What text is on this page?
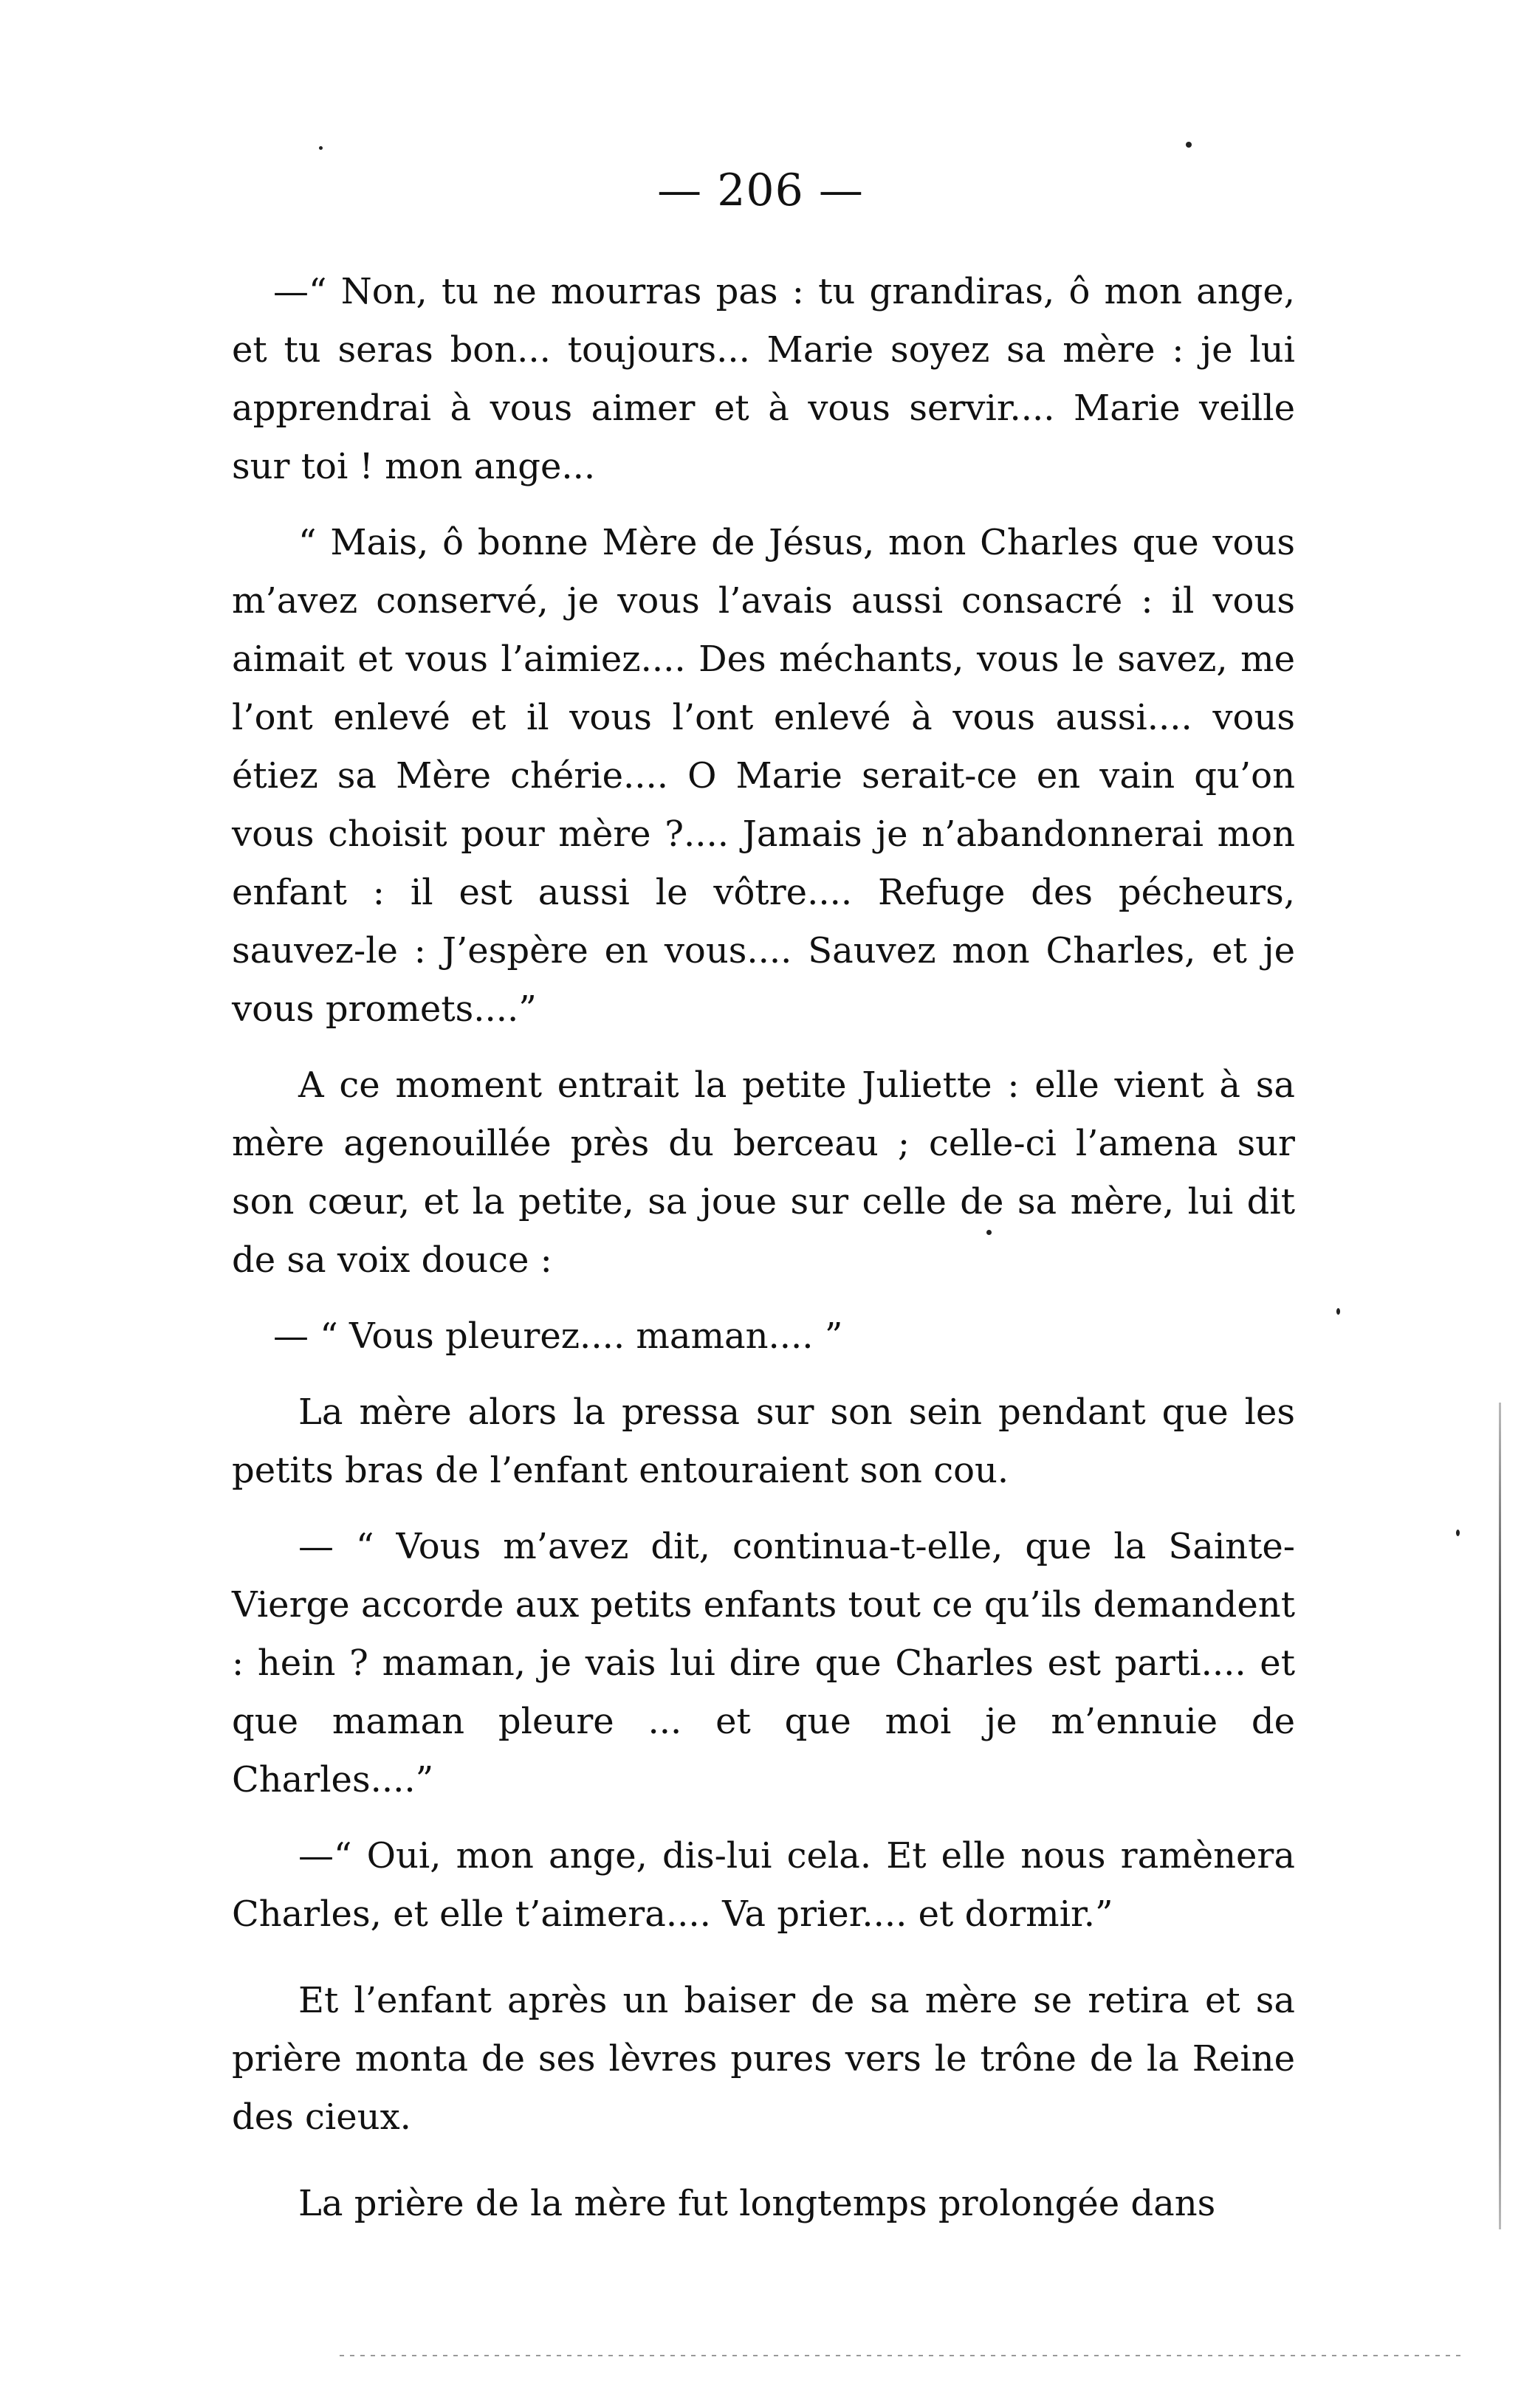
— 206 —

—“ Non, tu ne mourras pas : tu grandiras, ô mon ange, et tu seras bon... toujours... Marie soyez sa mère : je lui apprendrai à vous aimer et à vous servir.... Marie veille sur toi ! mon ange...

“ Mais, ô bonne Mère de Jésus, mon Charles que vous m’avez conservé, je vous l’avais aussi consacré : il vous aimait et vous l’aimiez.... Des méchants, vous le savez, me l’ont enlevé et il vous l’ont enlevé à vous aussi.... vous étiez sa Mère chérie.... O Marie serait-ce en vain qu’on vous choisit pour mère ?.... Jamais je n’abandonnerai mon enfant : il est aussi le vôtre.... Refuge des pécheurs, sauvez-le : J’espère en vous.... Sauvez mon Charles, et je vous promets....”

A ce moment entrait la petite Juliette : elle vient à sa mère agenouillée près du berceau ; celle-ci l’amena sur son cœur, et la petite, sa joue sur celle de sa mère, lui dit de sa voix douce :

— “ Vous pleurez.... maman.... ”

La mère alors la pressa sur son sein pendant que les petits bras de l’enfant entouraient son cou.

— “ Vous m’avez dit, continua-t-elle, que la Sainte-Vierge accorde aux petits enfants tout ce qu’ils demandent : hein ? maman, je vais lui dire que Charles est parti.... et que maman pleure ... et que moi je m’ennuie de Charles....”

—“ Oui, mon ange, dis-lui cela. Et elle nous ramènera Charles, et elle t’aimera.... Va prier.... et dormir.”

Et l’enfant après un baiser de sa mère se retira et sa prière monta de ses lèvres pures vers le trône de la Reine des cieux.

La prière de la mère fut longtemps prolongée dans
